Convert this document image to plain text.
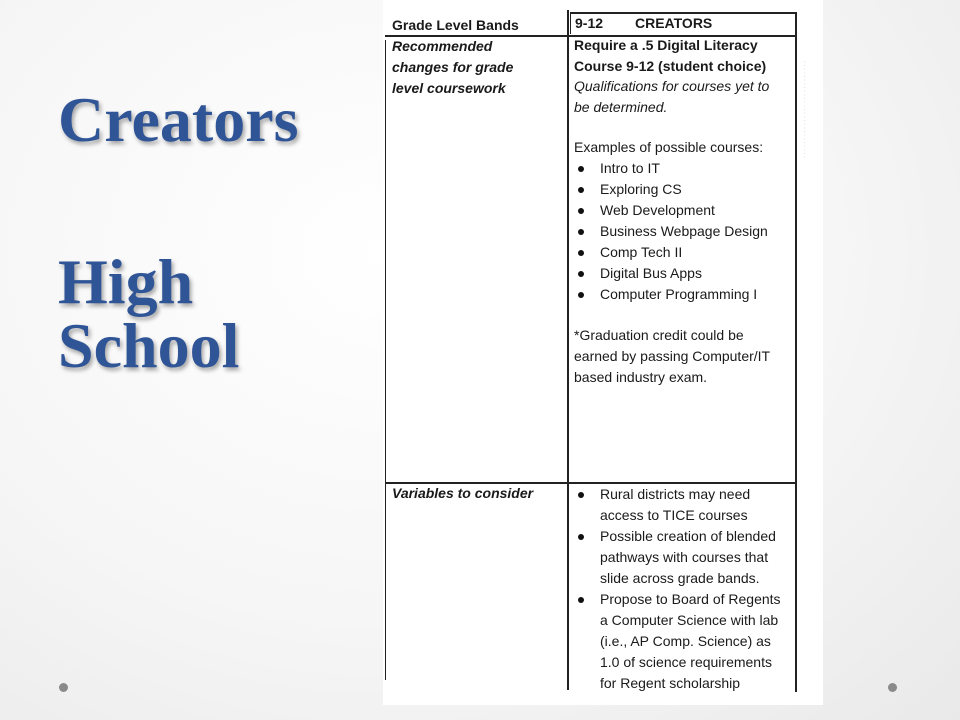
Creators
High
School
………………………
Grade Level Bands
Recommended
changes for grade
level coursework
Variables to consider
9-12 CREATORS
Require a .5 Digital Literacy
Course 9-12 (student choice)
Qualifications for courses yet to
be determined.
Examples of possible courses:
Intro to IT
Exploring CS
Web Development
Business Webpage Design
Comp Tech II
Digital Bus Apps
Computer Programming I
*Graduation credit could be
earned by passing Computer/IT
based industry exam.
Rural districts may need
access to TICE courses
Possible creation of blended
pathways with courses that
slide across grade bands.
Propose to Board of Regents
a Computer Science with lab
(i.e., AP Comp. Science) as
1.0 of science requirements
for Regent scholarship
